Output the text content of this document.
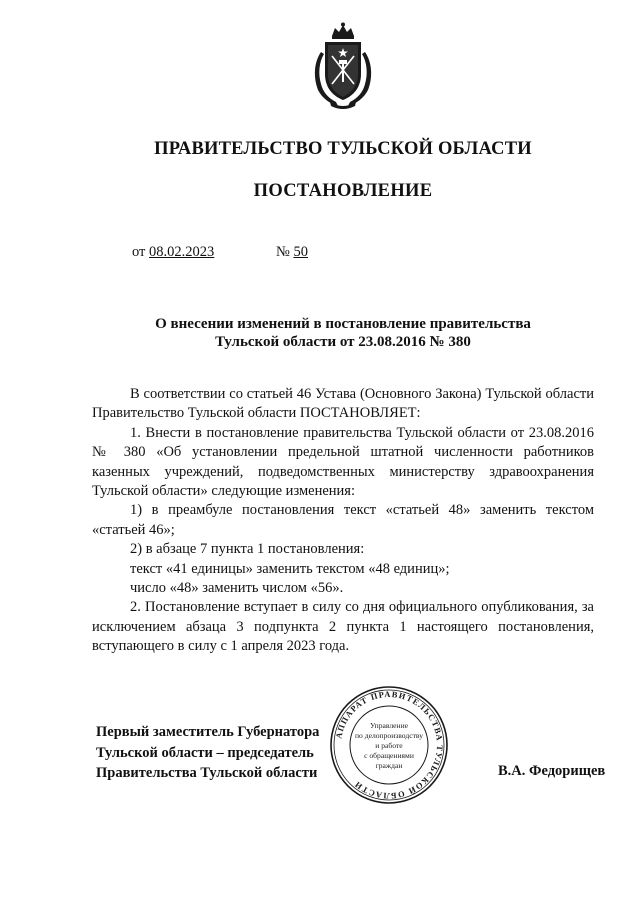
ПРАВИТЕЛЬСТВО ТУЛЬСКОЙ ОБЛАСТИ
ПОСТАНОВЛЕНИЕ
от 08.02.2023	№ 50
О внесении изменений в постановление правительства
Тульской области от 23.08.2016 № 380

В соответствии со статьей 46 Устава (Основного Закона) Тульской области Правительство Тульской области ПОСТАНОВЛЯЕТ:

1. Внести в постановление правительства Тульской области от 23.08.2016 № 380 «Об установлении предельной штатной численности работников казенных учреждений, подведомственных министерству здравоохранения Тульской области» следующие изменения:

1) в преамбуле постановления текст «статьей 48» заменить текстом «статьей 46»;

2) в абзаце 7 пункта 1 постановления:

текст «41 единицы» заменить текстом «48 единиц»;

число «48» заменить числом «56».

2. Постановление вступает в силу со дня официального опубликования, за исключением абзаца 3 подпункта 2 пункта 1 настоящего постановления, вступающего в силу с 1 апреля 2023 года.

Первый заместитель Губернатора
Тульской области – председатель
Правительства Тульской области	В.А. Федорищев
АППАРАТ ПРАВИТЕЛЬСТВА ТУЛЬСКОЙ ОБЛАСТИ
Управление
по делопроизводству
и работе
с обращениями
граждан
